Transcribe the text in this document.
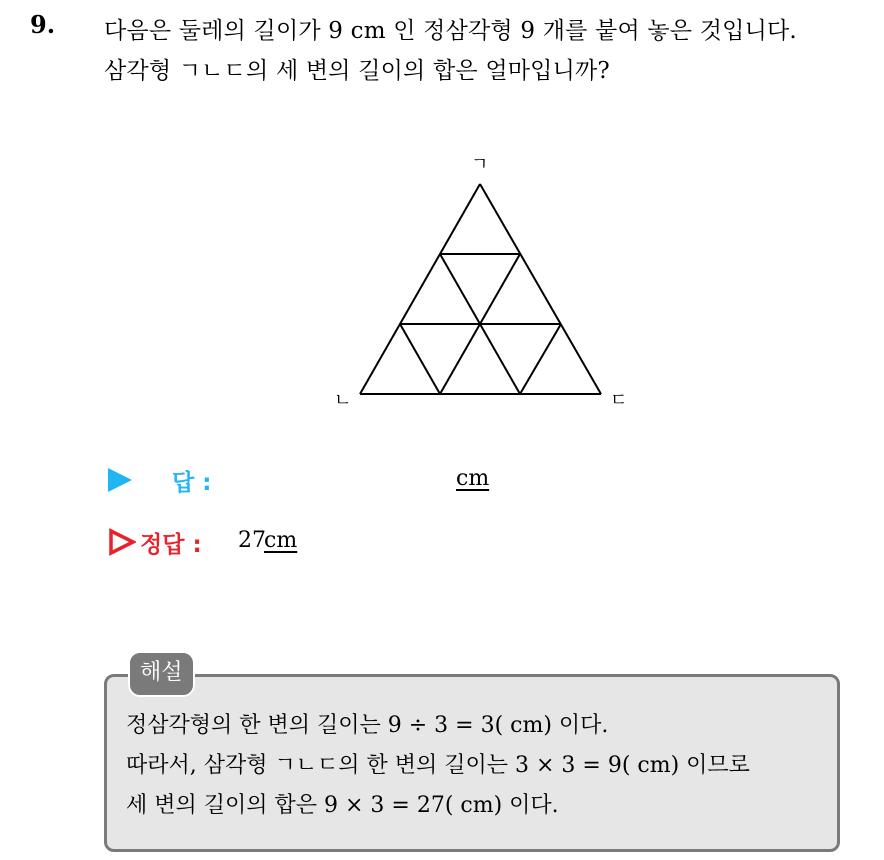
9. 다음은 둘레의 길이가 9 cm 인 정삼각형 9 개를 붙여 놓은 것입니다.
삼각형 ㄱㄴㄷ의 세 변의 길이의 합은 얼마입니까?
ㄱ
ㄴ	ㄷ
답 :	cm
정답 : 27
cm
해설
정삼각형의 한 변의 길이는 9 ÷ 3 = 3( cm) 이다.
따라서, 삼각형 ㄱㄴㄷ의 한 변의 길이는 3 × 3 = 9( cm) 이므로
세 변의 길이의 합은 9 × 3 = 27( cm) 이다.
